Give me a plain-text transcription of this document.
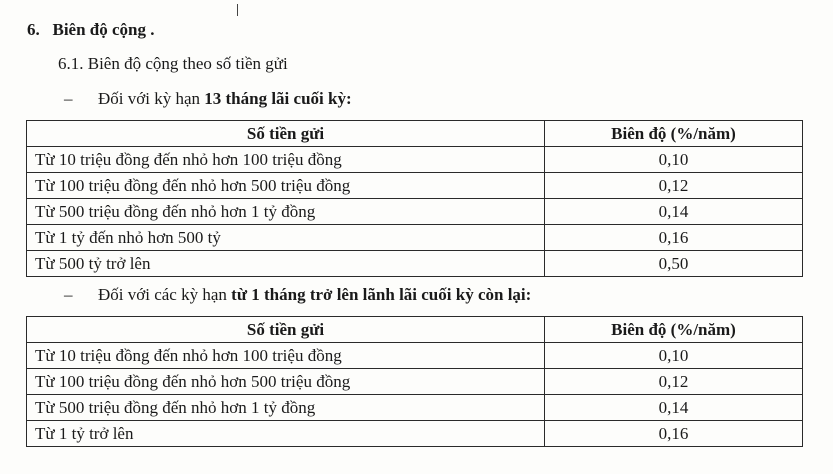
6. Biên độ cộng .
6.1. Biên độ cộng theo số tiền gửi
– Đối với kỳ hạn 13 tháng lãi cuối kỳ:
Số tiền gửi	Biên độ (%/năm)
Từ 10 triệu đồng đến nhỏ hơn 100 triệu đồng	0,10
Từ 100 triệu đồng đến nhỏ hơn 500 triệu đồng	0,12
Từ 500 triệu đồng đến nhỏ hơn 1 tỷ đồng	0,14
Từ 1 tỷ đến nhỏ hơn 500 tỷ	0,16
Từ 500 tỷ trở lên	0,50
– Đối với các kỳ hạn từ 1 tháng trở lên lãnh lãi cuối kỳ còn lại:
Số tiền gửi	Biên độ (%/năm)
Từ 10 triệu đồng đến nhỏ hơn 100 triệu đồng	0,10
Từ 100 triệu đồng đến nhỏ hơn 500 triệu đồng	0,12
Từ 500 triệu đồng đến nhỏ hơn 1 tỷ đồng	0,14
Từ 1 tỷ trở lên	0,16
